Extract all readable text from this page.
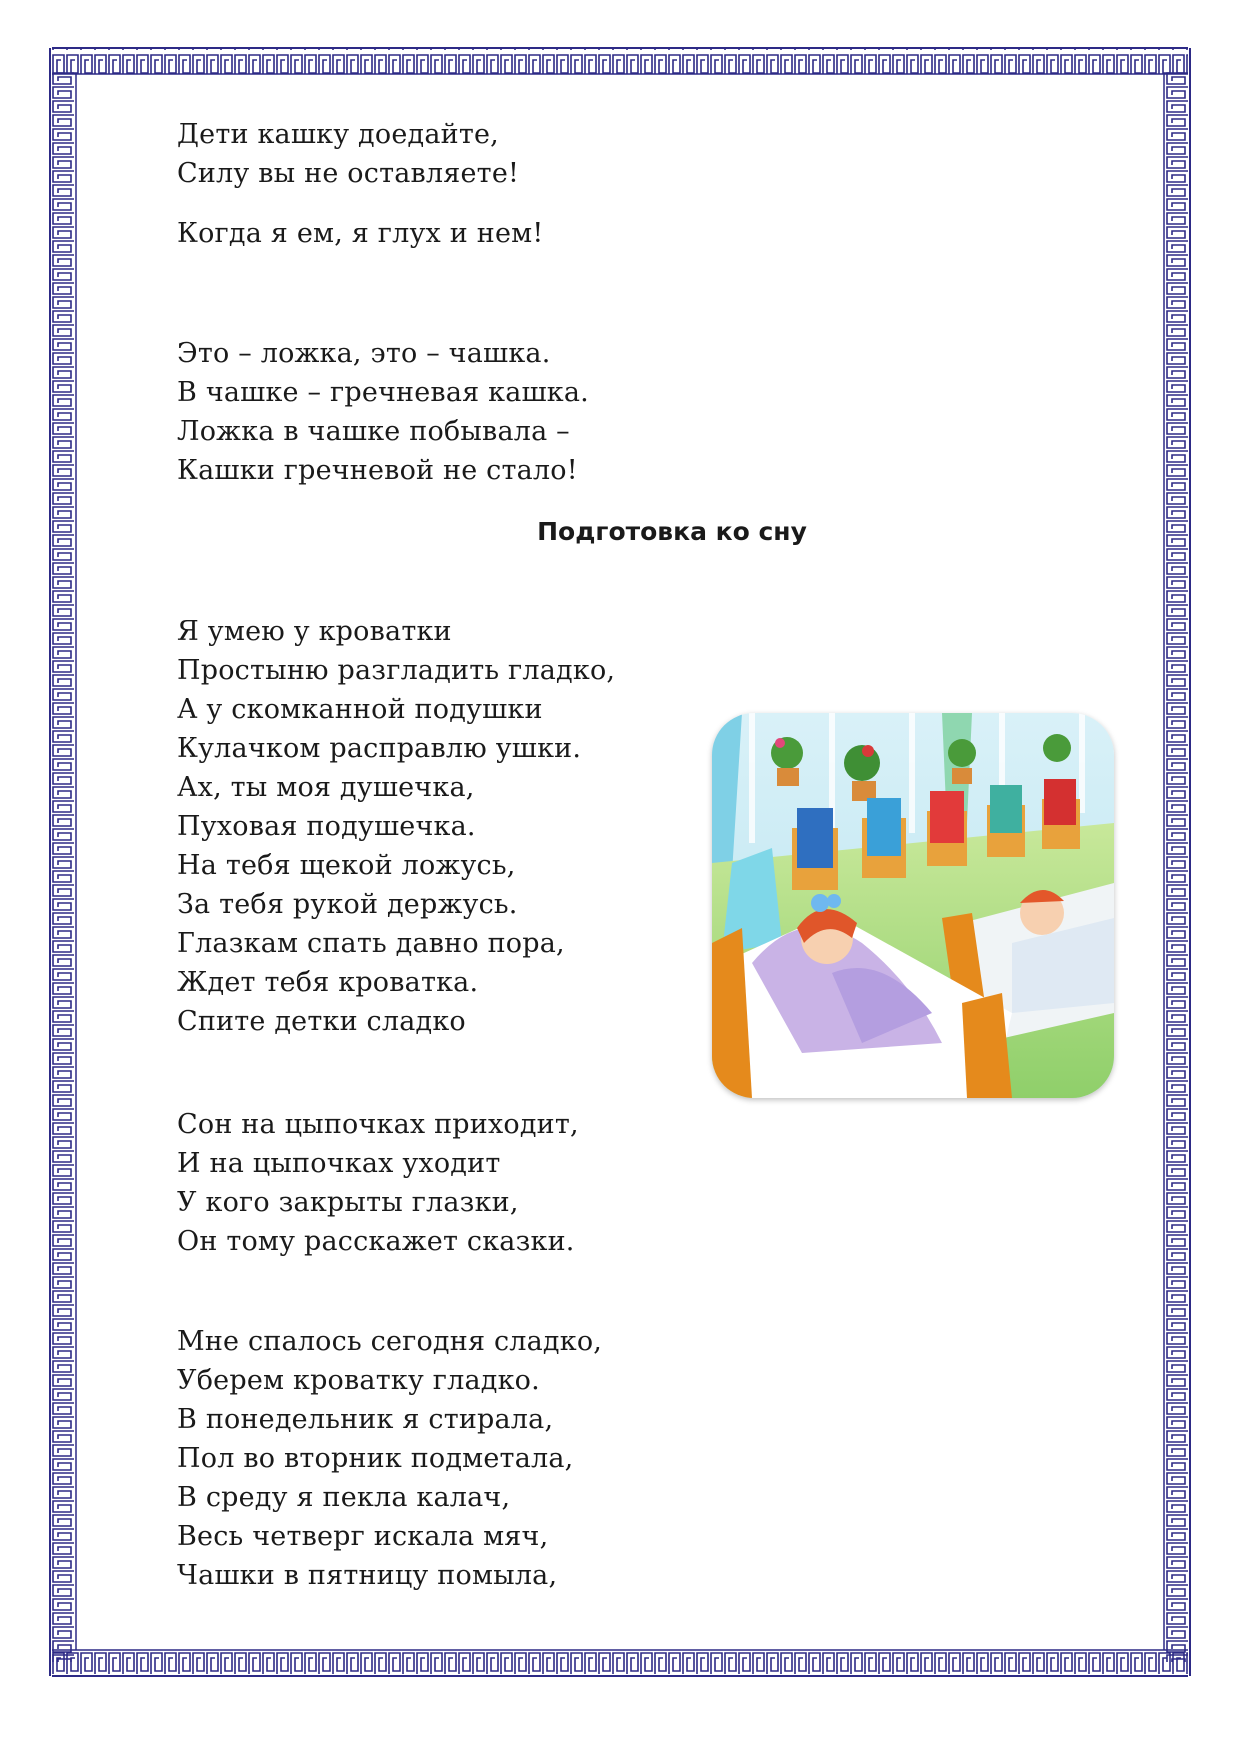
Дети кашку доедайте,
Силу вы не оставляете!
Когда я ем, я глух и нем!
Это – ложка, это – чашка.
В чашке – гречневая кашка.
Ложка в чашке побывала –
Кашки гречневой не стало!
Подготовка ко сну
Я умею у кроватки
Простыню разгладить гладко,
А у скомканной подушки
Кулачком расправлю ушки.
Ах, ты моя душечка,
Пуховая подушечка.
На тебя щекой ложусь,
За тебя рукой держусь.
Глазкам спать давно пора,
Ждет тебя кроватка.
Спите детки сладко
Сон на цыпочках приходит,
И на цыпочках уходит
У кого закрыты глазки,
Он тому расскажет сказки.
Мне спалось сегодня сладко,
Уберем кроватку гладко.
В понедельник я стирала,
Пол во вторник подметала,
В среду я пекла калач,
Весь четверг искала мяч,
Чашки в пятницу помыла,
